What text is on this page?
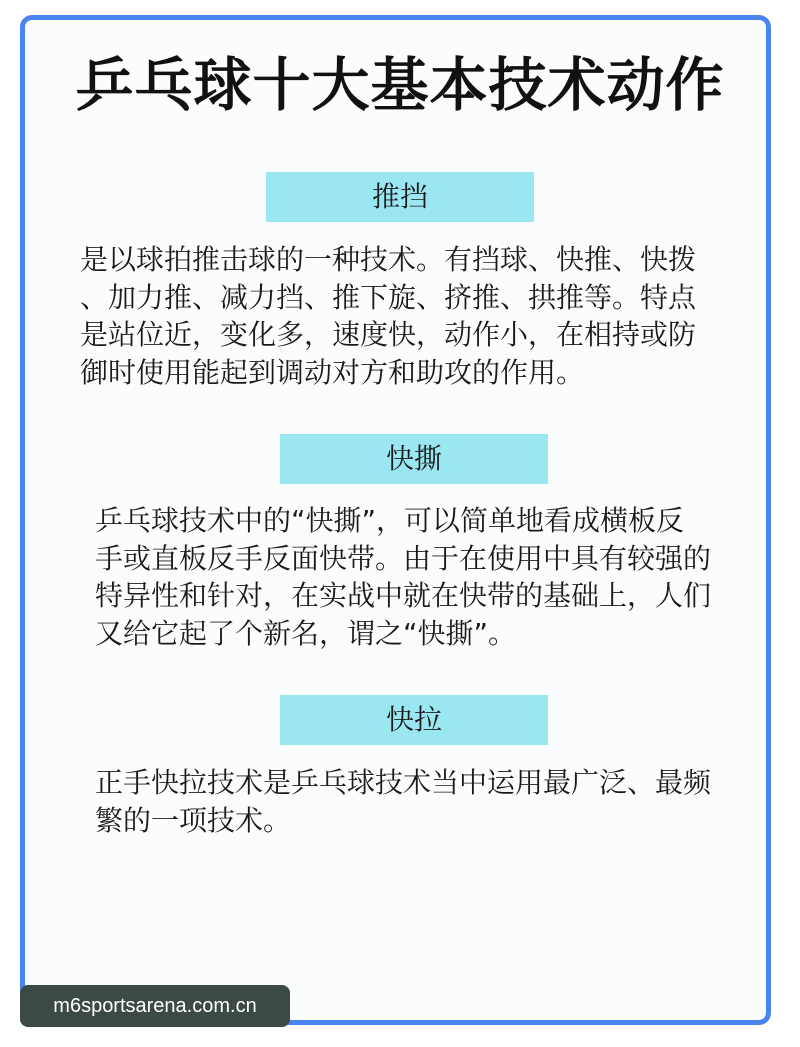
乒乓球十大基本技术动作
推挡
是以球拍推击球的一种技术。有挡球、快推、快拨
、加力推、减力挡、推下旋、挤推、拱推等。特点
是站位近，变化多，速度快，动作小，在相持或防
御时使用能起到调动对方和助攻的作用。
快撕
乒乓球技术中的“快撕”，可以简单地看成横板反
手或直板反手反面快带。由于在使用中具有较强的
特异性和针对，在实战中就在快带的基础上，人们
又给它起了个新名，谓之“快撕”。
快拉
正手快拉技术是乒乓球技术当中运用最广泛、最频
繁的一项技术。
m6sportsarena.com.cn
